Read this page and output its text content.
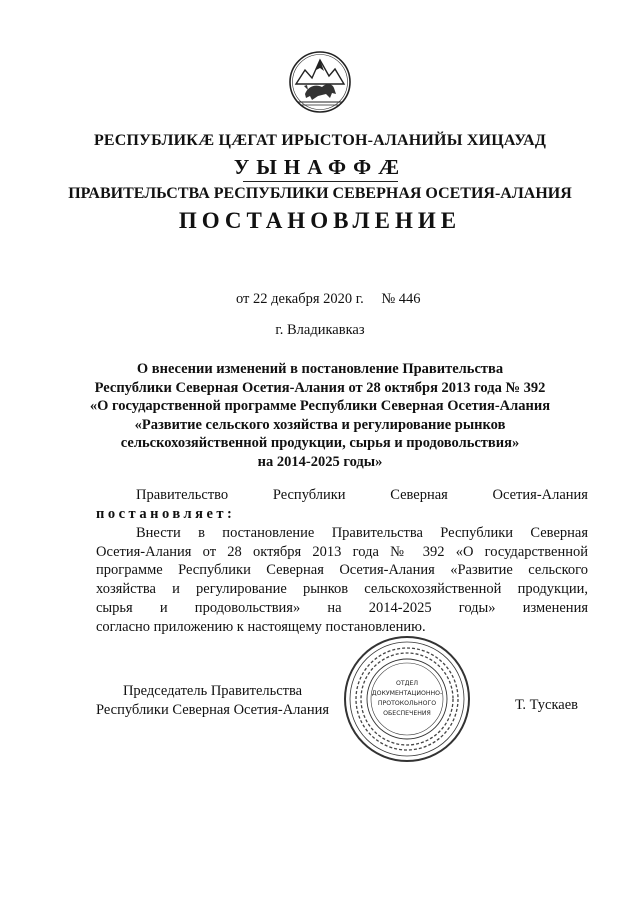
РЕСПУБЛИКÆ ЦÆГАТ ИРЫСТОН-АЛАНИЙЫ ХИЦАУАД
УЫНАФФÆ
ПРАВИТЕЛЬСТВА РЕСПУБЛИКИ СЕВЕРНАЯ ОСЕТИЯ-АЛАНИЯ
ПОСТАНОВЛЕНИЕ
от 22 декабря 2020 г. № 446
г. Владикавказ
О внесении изменений в постановление Правительства
Республики Северная Осетия-Алания от 28 октября 2013 года № 392
«О государственной программе Республики Северная Осетия-Алания
«Развитие сельского хозяйства и регулирование рынков
сельскохозяйственной продукции, сырья и продовольствия»
на 2014-2025 годы»
Правительство	Республики	Северная	Осетия-Алания
постановляет:
Внести в постановление Правительства Республики Северная
Осетия-Алания от 28 октября 2013 года № 392 «О государственной
программе Республики Северная Осетия-Алания «Развитие сельского
хозяйства и регулирование рынков сельскохозяйственной продукции,
сырья и продовольствия» на 2014-2025 годы» изменения
согласно приложению к настоящему постановлению.
Председатель Правительства
Республики Северная Осетия-Алания
ОТДЕЛ
ДОКУМЕНТАЦИОННО-
ПРОТОКОЛЬНОГО
ОБЕСПЕЧЕНИЯ
Т. Тускаев
